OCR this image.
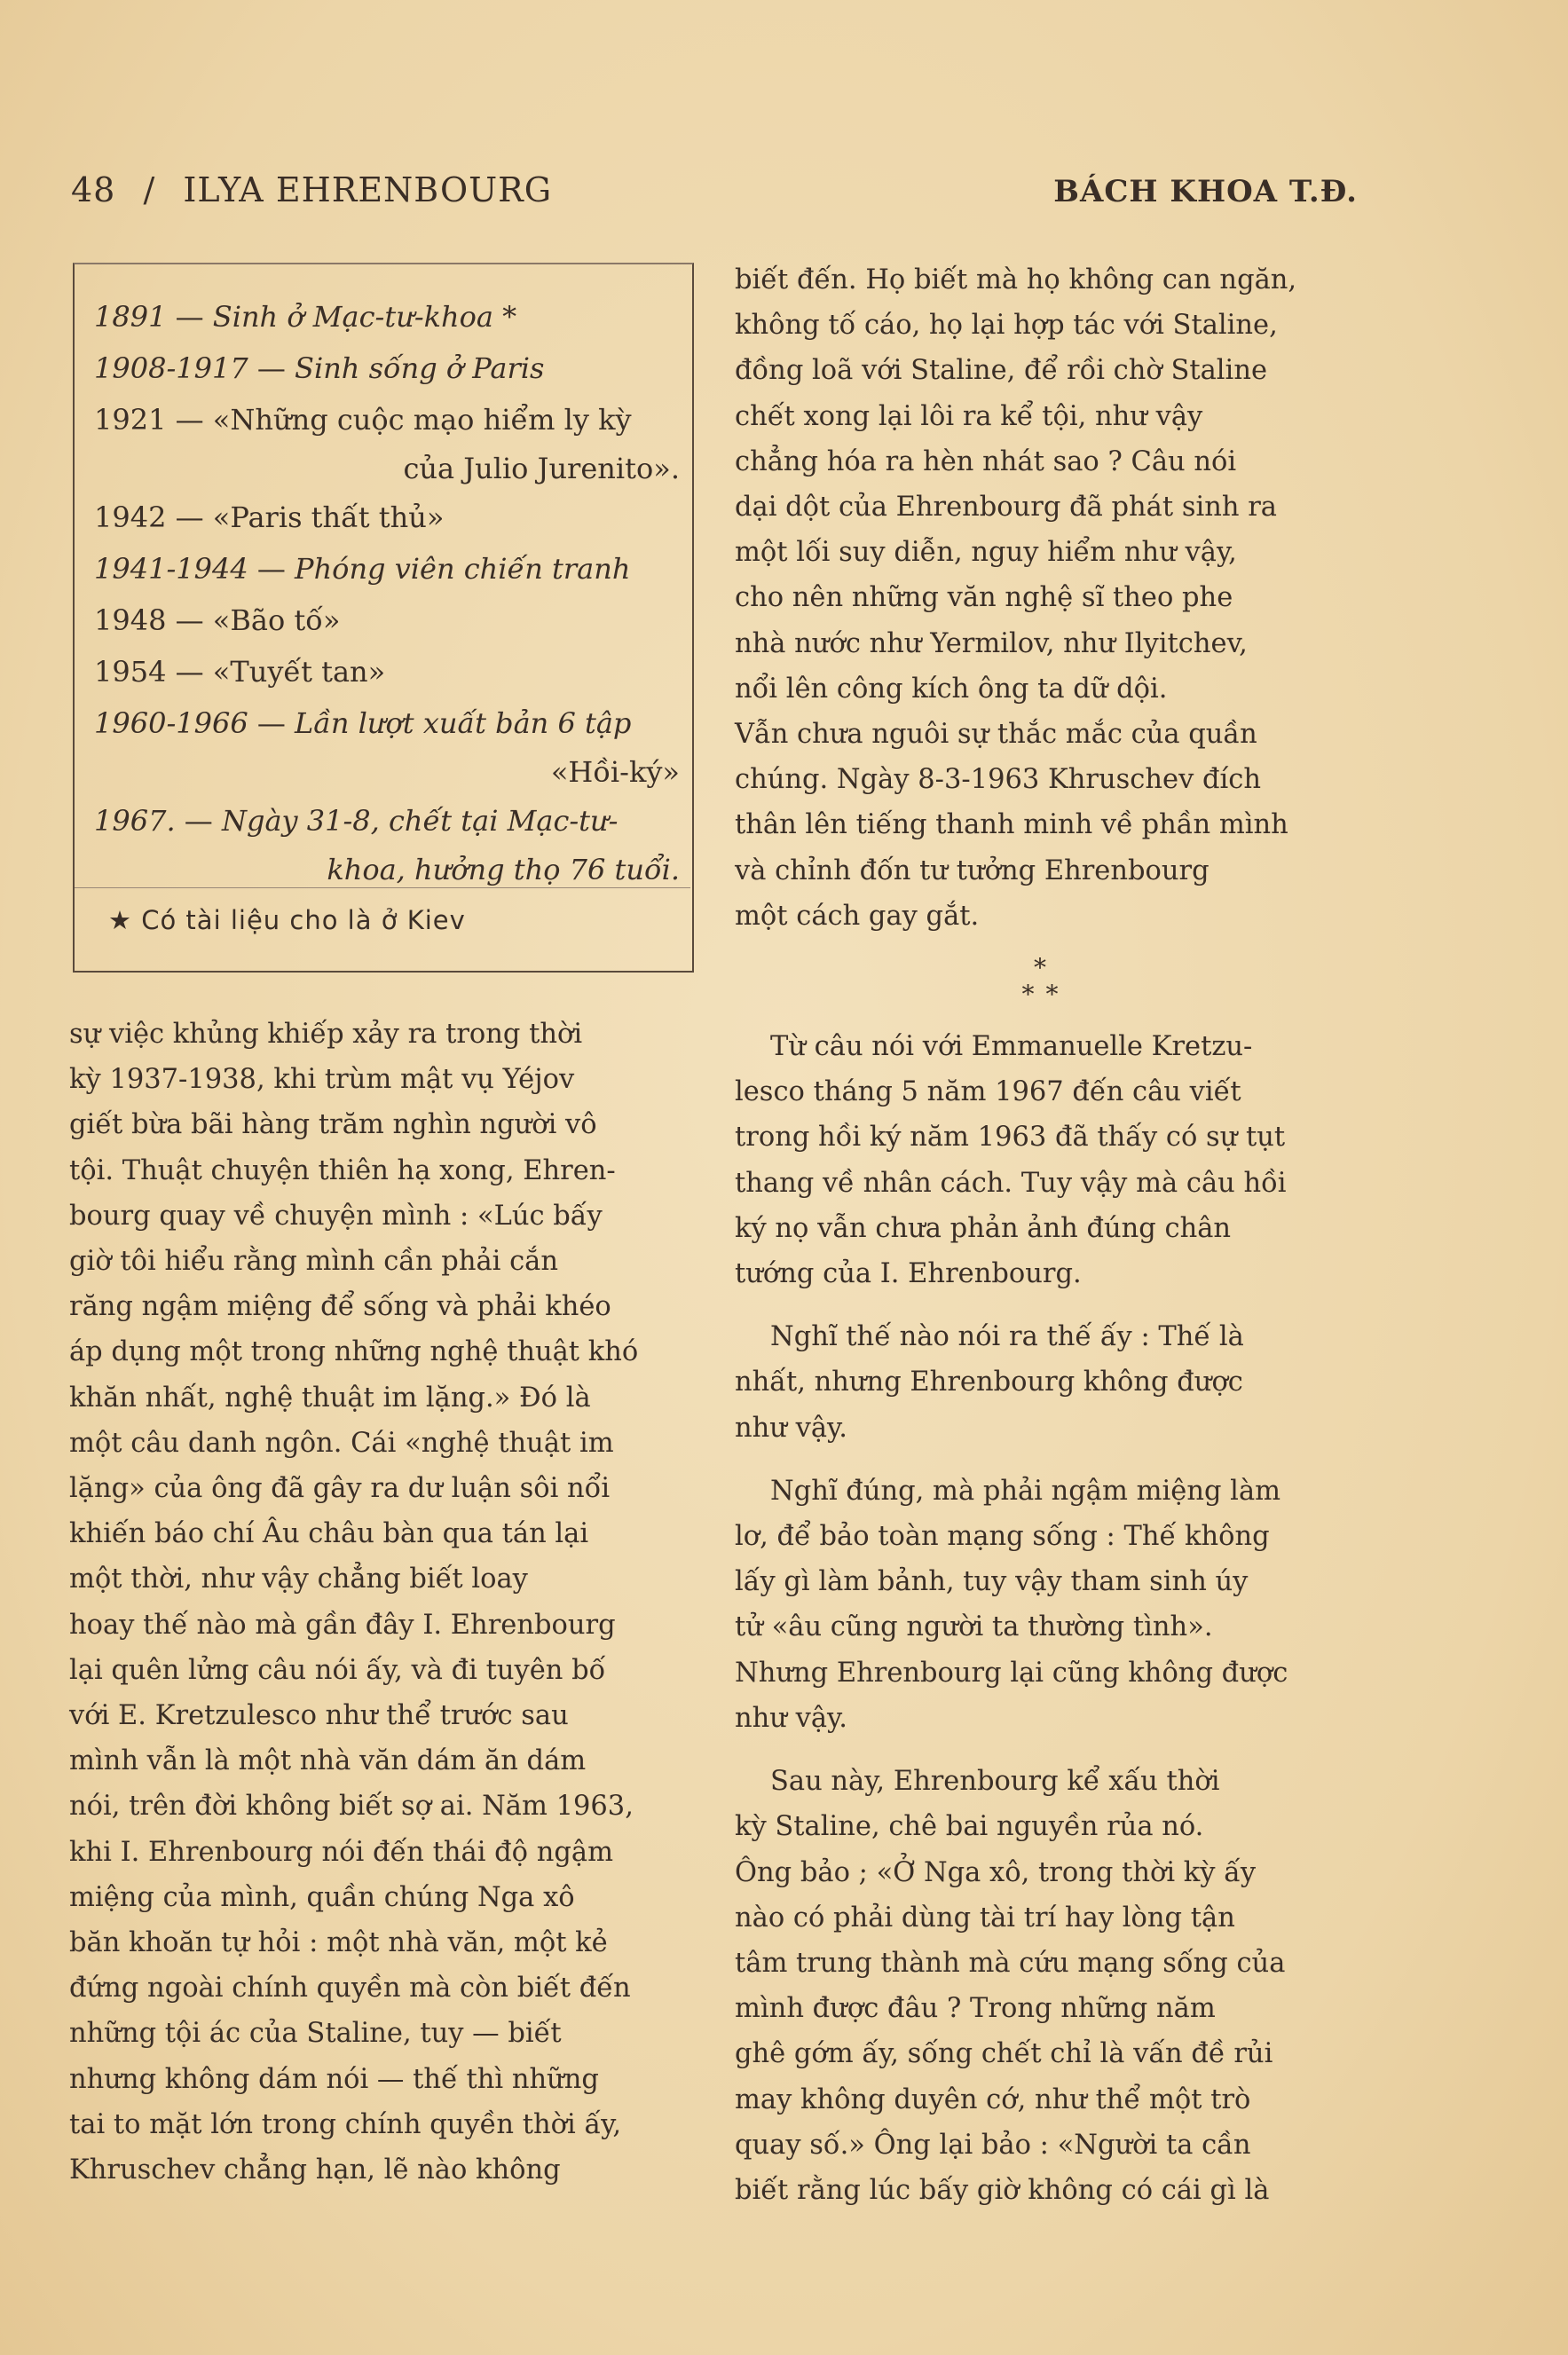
48 / ILYA EHRENBOURG	BÁCH KHOA T.Đ.
1891 — Sinh ở Mạc-tư-khoa *
1908-1917 — Sinh sống ở Paris
1921 — «Những cuộc mạo hiểm ly kỳ
của Julio Jurenito».
1942 — «Paris thất thủ»
1941-1944 — Phóng viên chiến tranh
1948 — «Bão tố»
1954 — «Tuyết tan»
1960-1966 — Lần lượt xuất bản 6 tập
«Hồi-ký»
1967. — Ngày 31-8, chết tại Mạc-tư-
khoa, hưởng thọ 76 tuổi.
★ Có tài liệu cho là ở Kiev

sự việc khủng khiếp xảy ra trong thời

kỳ 1937-1938, khi trùm mật vụ Yéjov

giết bừa bãi hàng trăm nghìn người vô

tội. Thuật chuyện thiên hạ xong, Ehren-

bourg quay về chuyện mình : «Lúc bấy

giờ tôi hiểu rằng mình cần phải cắn

răng ngậm miệng để sống và phải khéo

áp dụng một trong những nghệ thuật khó

khăn nhất, nghệ thuật im lặng.» Đó là

một câu danh ngôn. Cái «nghệ thuật im

lặng» của ông đã gây ra dư luận sôi nổi

khiến báo chí Âu châu bàn qua tán lại

một thời, như vậy chẳng biết loay

hoay thế nào mà gần đây I. Ehrenbourg

lại quên lửng câu nói ấy, và đi tuyên bố

với E. Kretzulesco như thể trước sau

mình vẫn là một nhà văn dám ăn dám

nói, trên đời không biết sợ ai. Năm 1963,

khi I. Ehrenbourg nói đến thái độ ngậm

miệng của mình, quần chúng Nga xô

băn khoăn tự hỏi : một nhà văn, một kẻ

đứng ngoài chính quyền mà còn biết đến

những tội ác của Staline, tuy — biết

nhưng không dám nói — thế thì những

tai to mặt lớn trong chính quyền thời ấy,

Khruschev chẳng hạn, lẽ nào không

biết đến. Họ biết mà họ không can ngăn,

không tố cáo, họ lại hợp tác với Staline,

đồng loã với Staline, để rồi chờ Staline

chết xong lại lôi ra kể tội, như vậy

chẳng hóa ra hèn nhát sao ? Câu nói

dại dột của Ehrenbourg đã phát sinh ra

một lối suy diễn, nguy hiểm như vậy,

cho nên những văn nghệ sĩ theo phe

nhà nước như Yermilov, như Ilyitchev,

nổi lên công kích ông ta dữ dội.

Vẫn chưa nguôi sự thắc mắc của quần

chúng. Ngày 8-3-1963 Khruschev đích

thân lên tiếng thanh minh về phần mình

và chỉnh đốn tư tưởng Ehrenbourg

một cách gay gắt.

*
* *

Từ câu nói với Emmanuelle Kretzu-

lesco tháng 5 năm 1967 đến câu viết

trong hồi ký năm 1963 đã thấy có sự tụt

thang về nhân cách. Tuy vậy mà câu hồi

ký nọ vẫn chưa phản ảnh đúng chân

tướng của I. Ehrenbourg.

Nghĩ thế nào nói ra thế ấy : Thế là

nhất, nhưng Ehrenbourg không được

như vậy.

Nghĩ đúng, mà phải ngậm miệng làm

lơ, để bảo toàn mạng sống : Thế không

lấy gì làm bảnh, tuy vậy tham sinh úy

tử «âu cũng người ta thường tình».

Nhưng Ehrenbourg lại cũng không được

như vậy.

Sau này, Ehrenbourg kể xấu thời

kỳ Staline, chê bai nguyền rủa nó.

Ông bảo ; «Ở Nga xô, trong thời kỳ ấy

nào có phải dùng tài trí hay lòng tận

tâm trung thành mà cứu mạng sống của

mình được đâu ? Trong những năm

ghê gớm ấy, sống chết chỉ là vấn đề rủi

may không duyên cớ, như thể một trò

quay số.» Ông lại bảo : «Người ta cần

biết rằng lúc bấy giờ không có cái gì là
